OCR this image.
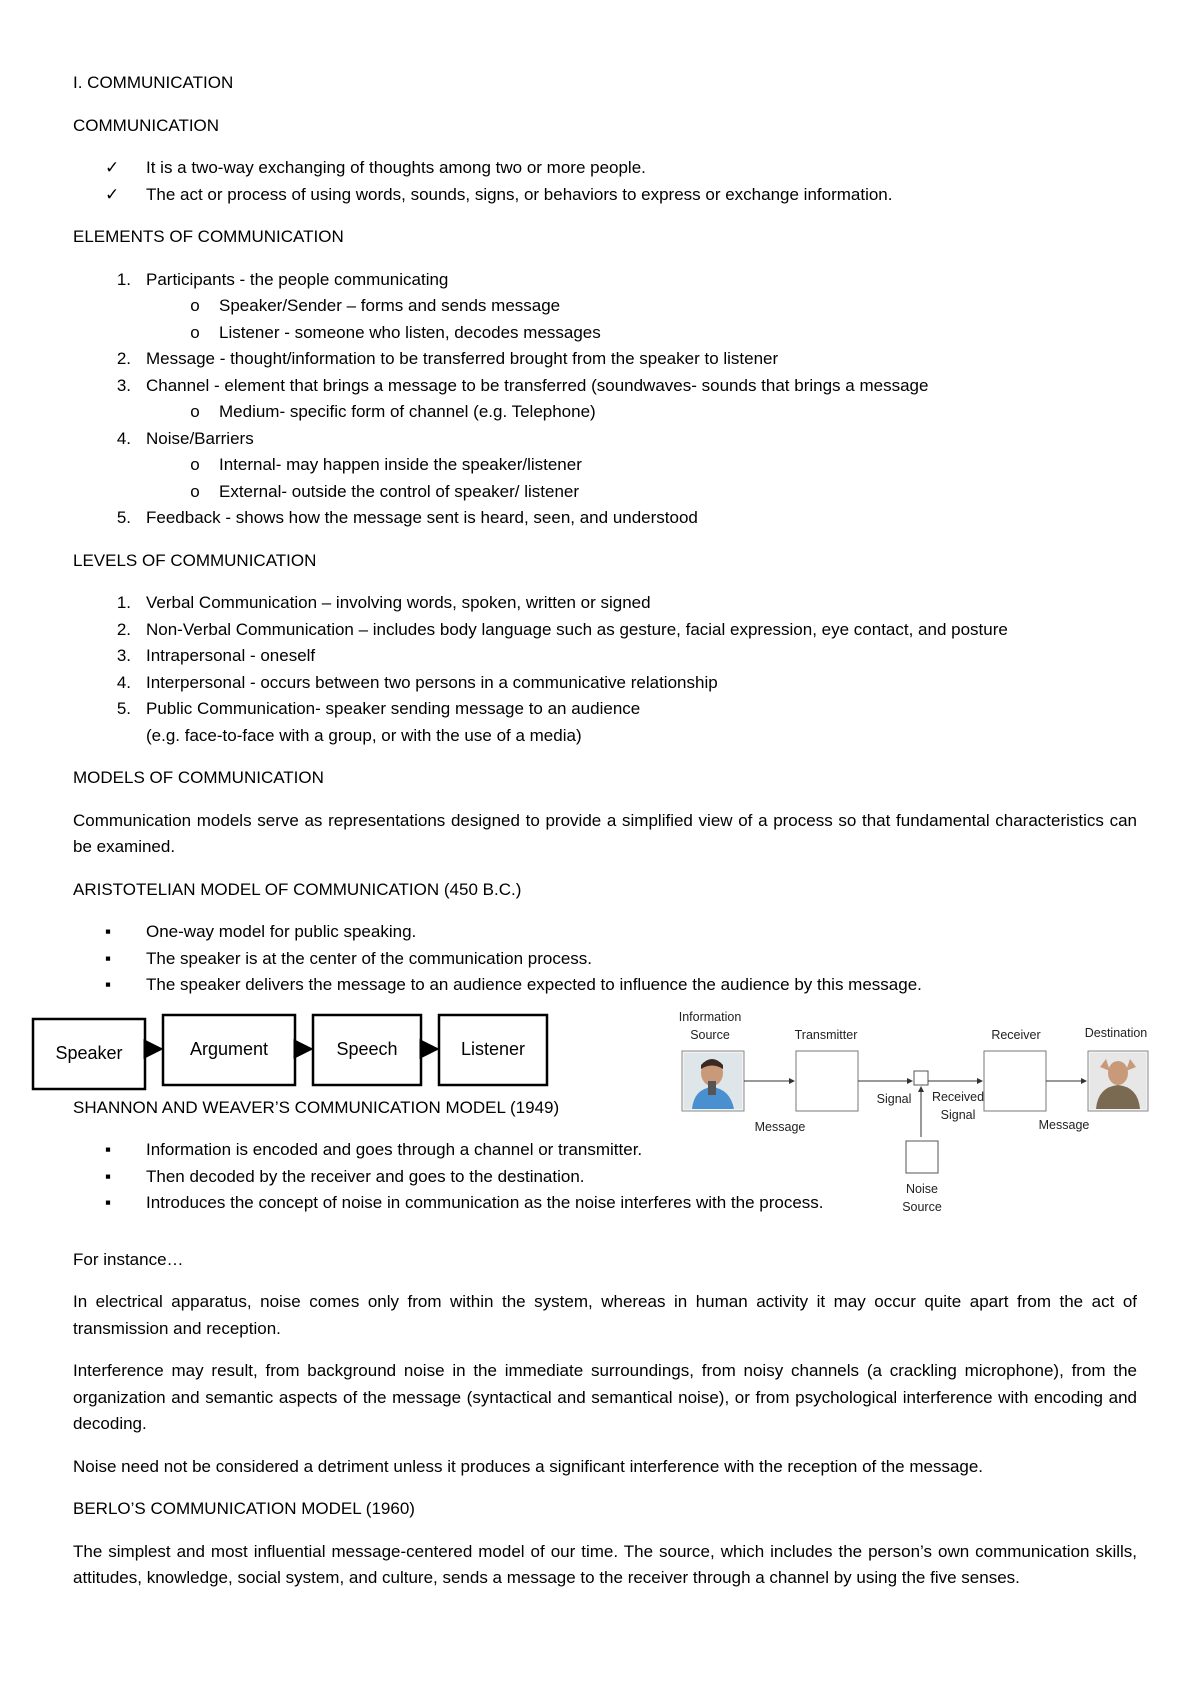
I. COMMUNICATION

COMMUNICATION

✓	It is a two-way exchanging of thoughts among two or more people.
✓	The act or process of using words, sounds, signs, or behaviors to express or exchange information.

ELEMENTS OF COMMUNICATION

1. Participants - the people communicating
o	Speaker/Sender – forms and sends message
o	Listener - someone who listen, decodes messages
2. Message - thought/information to be transferred brought from the speaker to listener
3. Channel - element that brings a message to be transferred (soundwaves- sounds that brings a message
o	Medium- specific form of channel (e.g. Telephone)
4. Noise/Barriers
o	Internal- may happen inside the speaker/listener
o	External- outside the control of speaker/ listener
5. Feedback - shows how the message sent is heard, seen, and understood

LEVELS OF COMMUNICATION

1. Verbal Communication – involving words, spoken, written or signed
2. Non-Verbal Communication – includes body language such as gesture, facial expression, eye contact, and posture
3. Intrapersonal - oneself
4. Interpersonal - occurs between two persons in a communicative relationship
5. Public Communication- speaker sending message to an audience
(e.g. face-to-face with a group, or with the use of a media)

MODELS OF COMMUNICATION

Communication models serve as representations designed to provide a simplified view of a process so that fundamental characteristics can be examined.

ARISTOTELIAN MODEL OF COMMUNICATION (450 B.C.)

▪	One-way model for public speaking.
▪	The speaker is at the center of the communication process.
▪	The speaker delivers the message to an audience expected to influence the audience by this message.
Speaker	Argument	Speech	Listener
Information
Source	Transmitter	Receiver	Destination
Signal Received
Signal
Message	Message
Noise
Source

SHANNON AND WEAVER’S COMMUNICATION MODEL (1949)

▪	Information is encoded and goes through a channel or transmitter.
▪	Then decoded by the receiver and goes to the destination.
▪	Introduces the concept of noise in communication as the noise interferes with the process.

For instance…

In electrical apparatus, noise comes only from within the system, whereas in human activity it may occur quite apart from the act of transmission and reception.

Interference may result, from background noise in the immediate surroundings, from noisy channels (a crackling microphone), from the organization and semantic aspects of the message (syntactical and semantical noise), or from psychological interference with encoding and decoding.

Noise need not be considered a detriment unless it produces a significant interference with the reception of the message.

BERLO’S COMMUNICATION MODEL (1960)

The simplest and most influential message-centered model of our time. The source, which includes the person’s own communication skills, attitudes, knowledge, social system, and culture, sends a message to the receiver through a channel by using the five senses.
